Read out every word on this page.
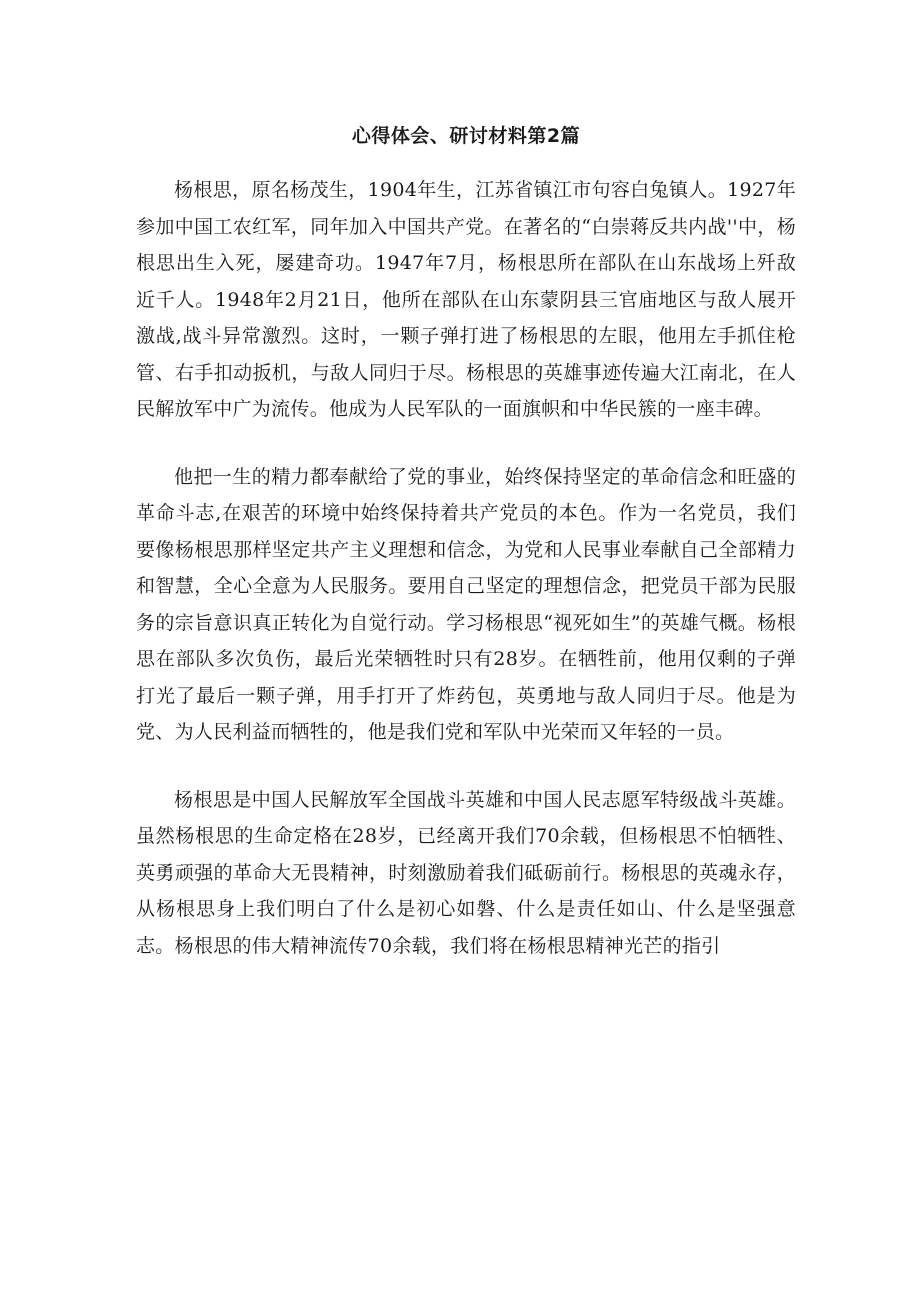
心得体会、研讨材料第2篇

杨根思，原名杨茂生，1904年生，江苏省镇江市句容白兔镇人。1927年参加中国工农红军，同年加入中国共产党。在著名的“白崇蒋反共内战''中，杨根思出生入死，屡建奇功。1947年7月，杨根思所在部队在山东战场上歼敌近千人。1948年2月21日，他所在部队在山东蒙阴县三官庙地区与敌人展开激战,战斗异常激烈。这时，一颗子弹打进了杨根思的左眼，他用左手抓住枪管、右手扣动扳机，与敌人同归于尽。杨根思的英雄事迹传遍大江南北，在人民解放军中广为流传。他成为人民军队的一面旗帜和中华民簇的一座丰碑。

他把一生的精力都奉献给了党的事业，始终保持坚定的革命信念和旺盛的革命斗志,在艰苦的环境中始终保持着共产党员的本色。作为一名党员，我们要像杨根思那样坚定共产主义理想和信念，为党和人民事业奉献自己全部精力和智慧，全心全意为人民服务。要用自己坚定的理想信念，把党员干部为民服务的宗旨意识真正转化为自觉行动。学习杨根思“视死如生”的英雄气概。杨根思在部队多次负伤，最后光荣牺牲时只有28岁。在牺牲前，他用仅剩的子弹打光了最后一颗子弹，用手打开了炸药包，英勇地与敌人同归于尽。他是为党、为人民利益而牺牲的，他是我们党和军队中光荣而又年轻的一员。

杨根思是中国人民解放军全国战斗英雄和中国人民志愿军特级战斗英雄。虽然杨根思的生命定格在28岁，已经离开我们70余载，但杨根思不怕牺牲、英勇顽强的革命大无畏精神，时刻激励着我们砥砺前行。杨根思的英魂永存，从杨根思身上我们明白了什么是初心如磐、什么是责任如山、什么是坚强意志。杨根思的伟大精神流传70余载，我们将在杨根思精神光芒的指引
